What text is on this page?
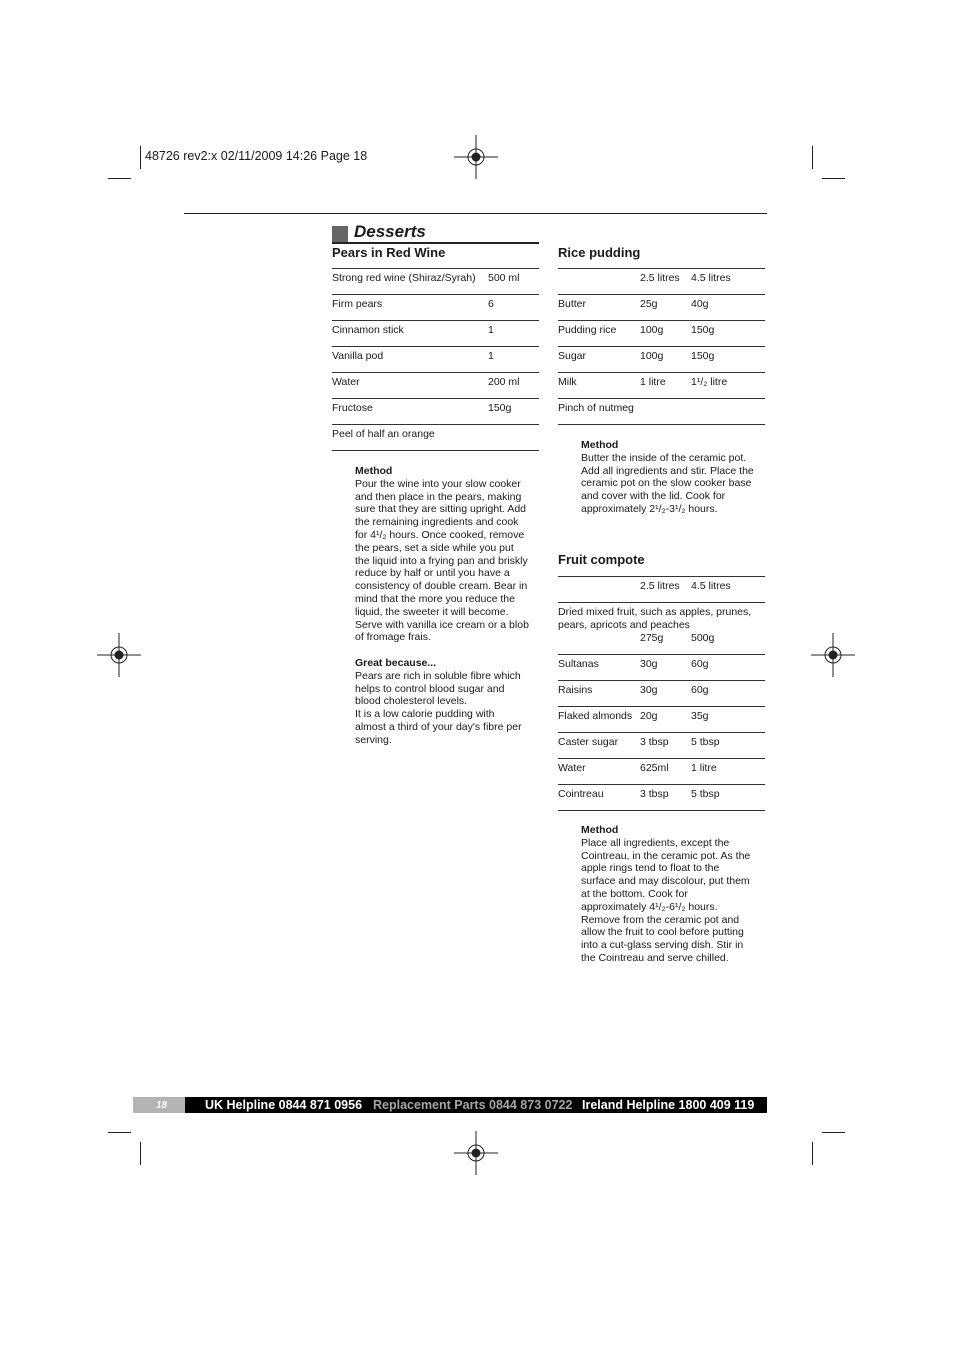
48726 rev2:x 02/11/2009 14:26 Page 18
Desserts
Pears in Red Wine
Strong red wine (Shiraz/Syrah) 500 ml
Firm pears	6
Cinnamon stick	1
Vanilla pod	1
Water	200 ml
Fructose	150g
Peel of half an orange
Method

Pour the wine into your slow cooker

and then place in the pears, making

sure that they are sitting upright. Add

the remaining ingredients and cook

for 4¹/₂ hours. Once cooked, remove

the pears, set a side while you put

the liquid into a frying pan and briskly

reduce by half or until you have a

consistency of double cream. Bear in

mind that the more you reduce the

liquid, the sweeter it will become.

Serve with vanilla ice cream or a blob

of fromage frais.

Great because...

Pears are rich in soluble fibre which

helps to control blood sugar and

blood cholesterol levels.

It is a low calorie pudding with

almost a third of your day's fibre per

serving.

Rice pudding
2.5 litres 4.5 litres
Butter	25g	40g
Pudding rice 100g	150g
Sugar	100g	150g
Milk	1 litre 1¹/₂ litre
Pinch of nutmeg
Method

Butter the inside of the ceramic pot.

Add all ingredients and stir. Place the

ceramic pot on the slow cooker base

and cover with the lid. Cook for

approximately 2¹/₂-3¹/₂ hours.

Fruit compote
2.5 litres 4.5 litres
Dried mixed fruit, such as apples, prunes,
pears, apricots and peaches
275g	500g
Sultanas	30g	60g
Raisins	30g	60g
Flaked almonds 20g	35g
Caster sugar 3 tbsp 5 tbsp
Water	625ml 1 litre
Cointreau	3 tbsp 5 tbsp
Method

Place all ingredients, except the

Cointreau, in the ceramic pot. As the

apple rings tend to float to the

surface and may discolour, put them

at the bottom. Cook for

approximately 4¹/₂-6¹/₂ hours.

Remove from the ceramic pot and

allow the fruit to cool before putting

into a cut-glass serving dish. Stir in

the Cointreau and serve chilled.

18	UK Helpline 0844 871 0956 Replacement Parts 0844 873 0722 Ireland Helpline 1800 409 119
